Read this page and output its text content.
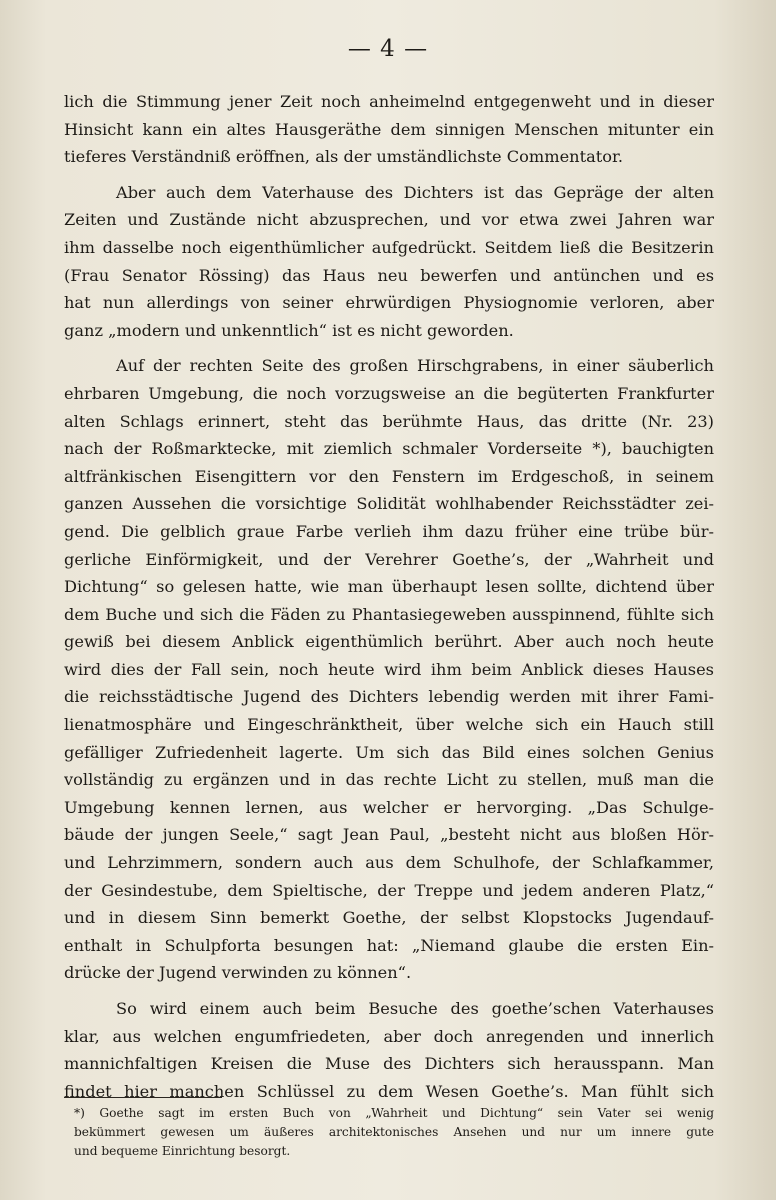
— 4 —
lich die Stimmung jener Zeit noch anheimelnd entgegenweht und in dieser
Hinsicht kann ein altes Hausgeräthe dem sinnigen Menschen mitunter ein
tieferes Verständniß eröffnen, als der umständlichste Commentator.
Aber auch dem Vaterhause des Dichters ist das Gepräge der alten
Zeiten und Zustände nicht abzusprechen, und vor etwa zwei Jahren war
ihm dasselbe noch eigenthümlicher aufgedrückt. Seitdem ließ die Besitzerin
(Frau Senator Rössing) das Haus neu bewerfen und antünchen und es
hat nun allerdings von seiner ehrwürdigen Physiognomie verloren, aber
ganz „modern und unkenntlich“ ist es nicht geworden.
Auf der rechten Seite des großen Hirschgrabens, in einer säuberlich
ehrbaren Umgebung, die noch vorzugsweise an die begüterten Frankfurter
alten Schlags erinnert, steht das berühmte Haus, das dritte (Nr. 23)
nach der Roßmarktecke, mit ziemlich schmaler Vorderseite *), bauchigten
altfränkischen Eisengittern vor den Fenstern im Erdgeschoß, in seinem
ganzen Aussehen die vorsichtige Solidität wohlhabender Reichsstädter zei-
gend. Die gelblich graue Farbe verlieh ihm dazu früher eine trübe bür-
gerliche Einförmigkeit, und der Verehrer Goethe’s, der „Wahrheit und
Dichtung“ so gelesen hatte, wie man überhaupt lesen sollte, dichtend über
dem Buche und sich die Fäden zu Phantasiegeweben ausspinnend, fühlte sich
gewiß bei diesem Anblick eigenthümlich berührt. Aber auch noch heute
wird dies der Fall sein, noch heute wird ihm beim Anblick dieses Hauses
die reichsstädtische Jugend des Dichters lebendig werden mit ihrer Fami-
lienatmosphäre und Eingeschränktheit, über welche sich ein Hauch still
gefälliger Zufriedenheit lagerte. Um sich das Bild eines solchen Genius
vollständig zu ergänzen und in das rechte Licht zu stellen, muß man die
Umgebung kennen lernen, aus welcher er hervorging. „Das Schulge-
bäude der jungen Seele,“ sagt Jean Paul, „besteht nicht aus bloßen Hör-
und Lehrzimmern, sondern auch aus dem Schulhofe, der Schlafkammer,
der Gesindestube, dem Spieltische, der Treppe und jedem anderen Platz,“
und in diesem Sinn bemerkt Goethe, der selbst Klopstocks Jugendauf-
enthalt in Schulpforta besungen hat: „Niemand glaube die ersten Ein-
drücke der Jugend verwinden zu können“.
So wird einem auch beim Besuche des goethe’schen Vaterhauses
klar, aus welchen engumfriedeten, aber doch anregenden und innerlich
mannichfaltigen Kreisen die Muse des Dichters sich herausspann. Man
findet hier manchen Schlüssel zu dem Wesen Goethe’s. Man fühlt sich
*) Goethe sagt im ersten Buch von „Wahrheit und Dichtung“ sein Vater sei wenig
bekümmert gewesen um äußeres architektonisches Ansehen und nur um innere gute
und bequeme Einrichtung besorgt.
